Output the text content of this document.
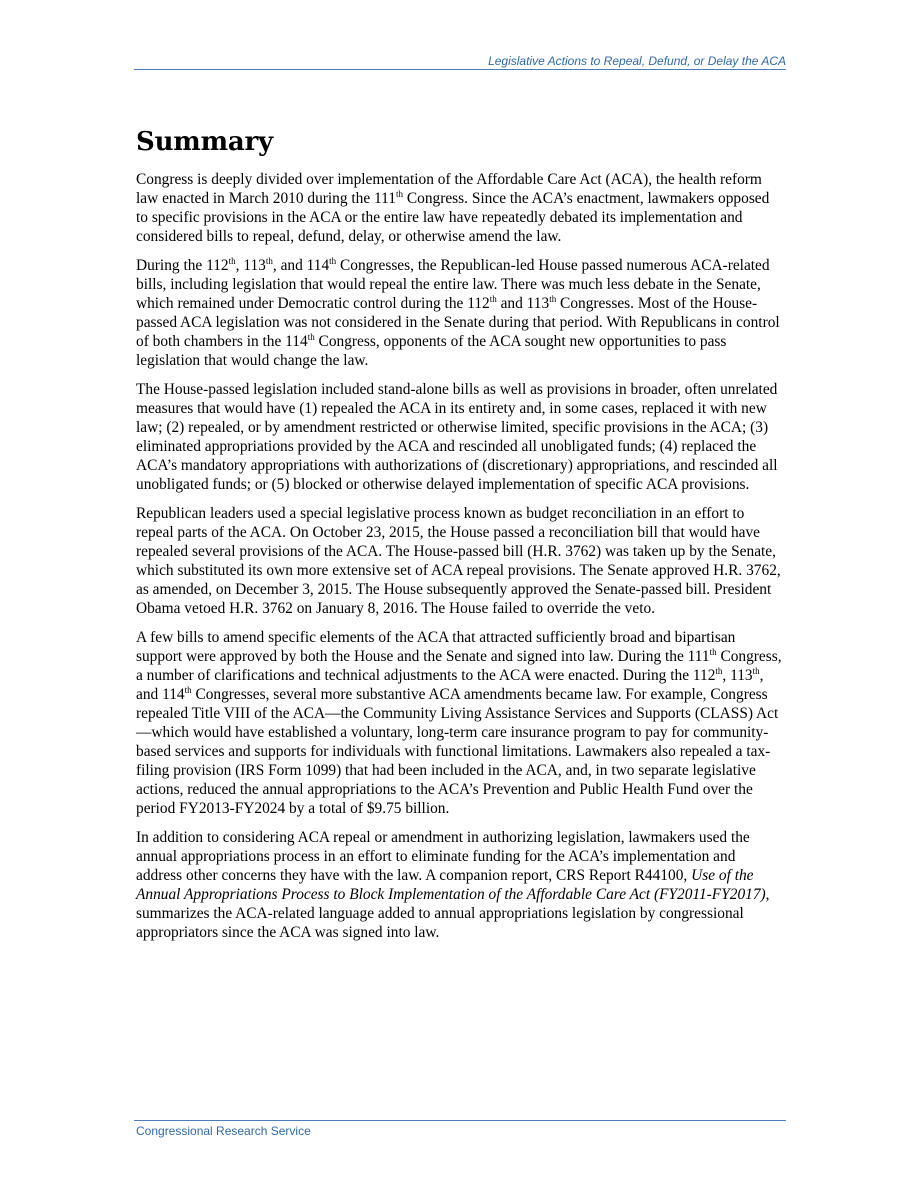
Legislative Actions to Repeal, Defund, or Delay the ACA
Summary

Congress is deeply divided over implementation of the Affordable Care Act (ACA), the health reform law enacted in March 2010 during the 111th Congress. Since the ACA’s enactment, lawmakers opposed to specific provisions in the ACA or the entire law have repeatedly debated its implementation and considered bills to repeal, defund, delay, or otherwise amend the law.

During the 112th, 113th, and 114th Congresses, the Republican-led House passed numerous ACA-related bills, including legislation that would repeal the entire law. There was much less debate in the Senate, which remained under Democratic control during the 112th and 113th Congresses. Most of the House-passed ACA legislation was not considered in the Senate during that period. With Republicans in control of both chambers in the 114th Congress, opponents of the ACA sought new opportunities to pass legislation that would change the law.

The House-passed legislation included stand-alone bills as well as provisions in broader, often unrelated measures that would have (1) repealed the ACA in its entirety and, in some cases, replaced it with new law; (2) repealed, or by amendment restricted or otherwise limited, specific provisions in the ACA; (3) eliminated appropriations provided by the ACA and rescinded all unobligated funds; (4) replaced the ACA’s mandatory appropriations with authorizations of (discretionary) appropriations, and rescinded all unobligated funds; or (5) blocked or otherwise delayed implementation of specific ACA provisions.

Republican leaders used a special legislative process known as budget reconciliation in an effort to repeal parts of the ACA. On October 23, 2015, the House passed a reconciliation bill that would have repealed several provisions of the ACA. The House-passed bill (H.R. 3762) was taken up by the Senate, which substituted its own more extensive set of ACA repeal provisions. The Senate approved H.R. 3762, as amended, on December 3, 2015. The House subsequently approved the Senate-passed bill. President Obama vetoed H.R. 3762 on January 8, 2016. The House failed to override the veto.

A few bills to amend specific elements of the ACA that attracted sufficiently broad and bipartisan support were approved by both the House and the Senate and signed into law. During the 111th Congress, a number of clarifications and technical adjustments to the ACA were enacted. During the 112th, 113th, and 114th Congresses, several more substantive ACA amendments became law. For example, Congress repealed Title VIII of the ACA—the Community Living Assistance Services and Supports (CLASS) Act—which would have established a voluntary, long-term care insurance program to pay for community-based services and supports for individuals with functional limitations. Lawmakers also repealed a tax-filing provision (IRS Form 1099) that had been included in the ACA, and, in two separate legislative actions, reduced the annual appropriations to the ACA’s Prevention and Public Health Fund over the period FY2013-FY2024 by a total of $9.75 billion.

In addition to considering ACA repeal or amendment in authorizing legislation, lawmakers used the annual appropriations process in an effort to eliminate funding for the ACA’s implementation and address other concerns they have with the law. A companion report, CRS Report R44100, Use of the Annual Appropriations Process to Block Implementation of the Affordable Care Act (FY2011-FY2017), summarizes the ACA-related language added to annual appropriations legislation by congressional appropriators since the ACA was signed into law.

Congressional Research Service
